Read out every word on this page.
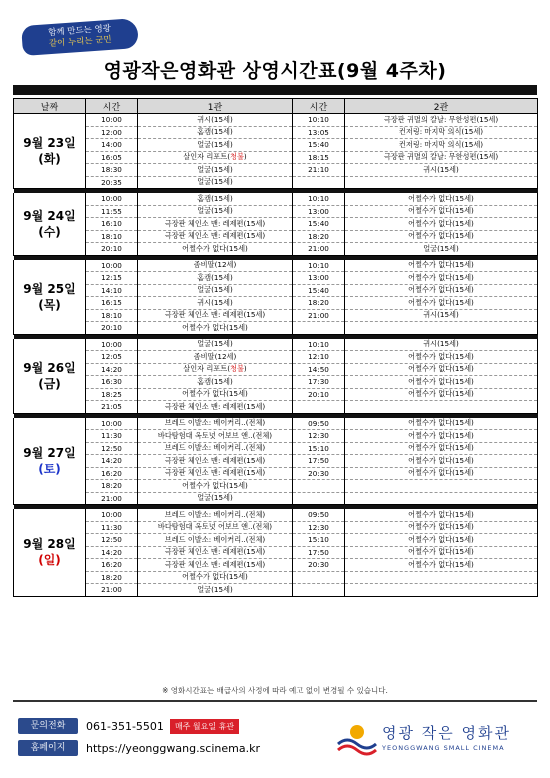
함께 만드는 영광
같이 누리는 군민
영광작은영화관 상영시간표(9월 4주차)
날짜	시간	1관	시간	2관

9월 23일
(화)	10:00	귀시(15세)	10:10	극장판 귀멸의 칼날: 무한성편(15세)
	12:00	홈캠(15세)	13:05	컨저링: 마지막 의식(15세)
	14:00	얼굴(15세)	15:40	컨저링: 마지막 의식(15세)
	16:05	살인자 리포트(청불)	18:15	극장판 귀멸의 칼날: 무한성편(15세)
	18:30	얼굴(15세)	21:10	귀시(15세)
	20:35	얼굴(15세)		

9월 24일
(수)	10:00	홈캠(15세)	10:10	어쩔수가 없다(15세)
	11:55	얼굴(15세)	13:00	어쩔수가 없다(15세)
	16:10	극장판 체인소 맨: 레제편(15세)	15:40	어쩔수가 없다(15세)
	18:10	극장판 체인소 맨: 레제편(15세)	18:20	어쩔수가 없다(15세)
	20:10	어쩔수가 없다(15세)	21:00	얼굴(15세)

9월 25일
(목)	10:00	좀비딸(12세)	10:10	어쩔수가 없다(15세)
	12:15	홈캠(15세)	13:00	어쩔수가 없다(15세)
	14:10	얼굴(15세)	15:40	어쩔수가 없다(15세)
	16:15	귀시(15세)	18:20	어쩔수가 없다(15세)
	18:10	극장판 체인소 맨: 레제편(15세)	21:00	귀시(15세)
	20:10	어쩔수가 없다(15세)		

9월 26일
(금)	10:00	얼굴(15세)	10:10	귀시(15세)
	12:05	좀비딸(12세)	12:10	어쩔수가 없다(15세)
	14:20	살인자 리포트(청불)	14:50	어쩔수가 없다(15세)
	16:30	홈캠(15세)	17:30	어쩔수가 없다(15세)
	18:25	어쩔수가 없다(15세)	20:10	어쩔수가 없다(15세)
	21:05	극장판 체인소 맨: 레제편(15세)		

9월 27일
(토)	10:00	브레드 이발소: 베이커리..(전체)	09:50	어쩔수가 없다(15세)
	11:30	바다탐험대 옥토넛 어보브 앤..(전체)	12:30	어쩔수가 없다(15세)
	12:50	브레드 이발소: 베이커리..(전체)	15:10	어쩔수가 없다(15세)
	14:20	극장판 체인소 맨: 레제편(15세)	17:50	어쩔수가 없다(15세)
	16:20	극장판 체인소 맨: 레제편(15세)	20:30	어쩔수가 없다(15세)
	18:20	어쩔수가 없다(15세)		
	21:00	얼굴(15세)		

9월 28일
(일)	10:00	브레드 이발소: 베이커리..(전체)	09:50	어쩔수가 없다(15세)
	11:30	바다탐험대 옥토넛 어보브 앤..(전체)	12:30	어쩔수가 없다(15세)
	12:50	브레드 이발소: 베이커리..(전체)	15:10	어쩔수가 없다(15세)
	14:20	극장판 체인소 맨: 레제편(15세)	17:50	어쩔수가 없다(15세)
	16:20	극장판 체인소 맨: 레제편(15세)	20:30	어쩔수가 없다(15세)
	18:20	어쩔수가 없다(15세)		
	21:00	얼굴(15세)		
※ 영화시간표는 배급사의 사정에 따라 예고 없이 변경될 수 있습니다.
문의전화	061-351-5501	매주 월요일 휴관
홈페이지	https://yeonggwang.scinema.kr
영광 작은 영화관
YEONGGWANG SMALL CINEMA
